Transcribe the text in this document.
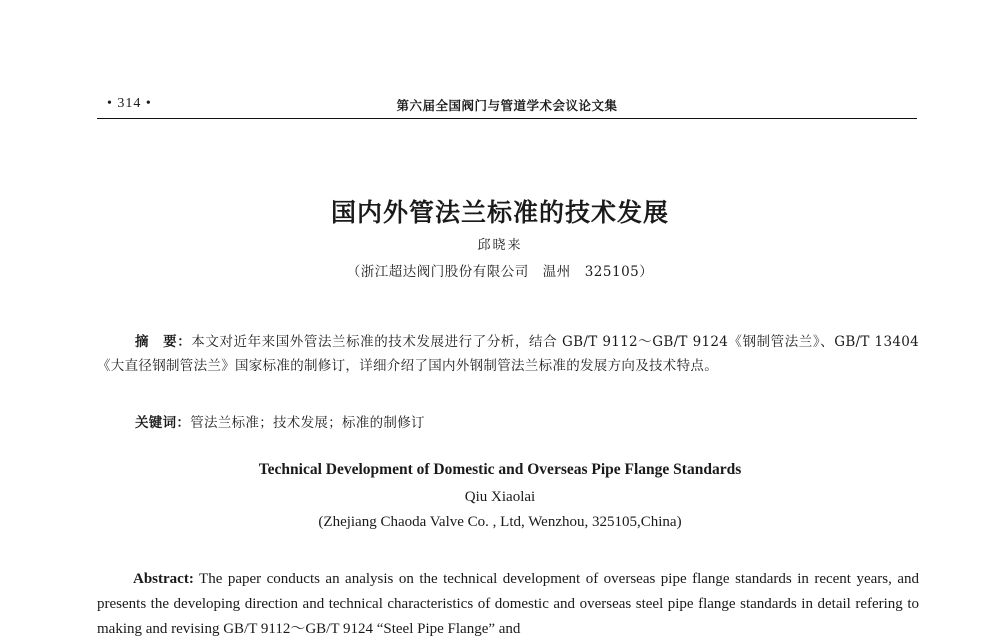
• 314 •	第六届全国阀门与管道学术会议论文集
国内外管法兰标准的技术发展
邱晓来
（浙江超达阀门股份有限公司　温州　325105）
摘　要：本文对近年来国外管法兰标准的技术发展进行了分析，结合 GB/T 9112～GB/T 9124《钢制管法兰》、GB/T 13404《大直径钢制管法兰》国家标准的制修订，详细介绍了国内外钢制管法兰标准的发展方向及技术特点。
关键词：管法兰标准；技术发展；标准的制修订
Technical Development of Domestic and Overseas Pipe Flange Standards
Qiu Xiaolai
(Zhejiang Chaoda Valve Co. , Ltd, Wenzhou, 325105,China)
Abstract: The paper conducts an analysis on the technical development of overseas pipe flange standards in recent years, and presents the developing direction and technical characteristics of domestic and overseas steel pipe flange standards in detail refering to making and revising GB/T 9112～GB/T 9124 “Steel Pipe Flange” and
